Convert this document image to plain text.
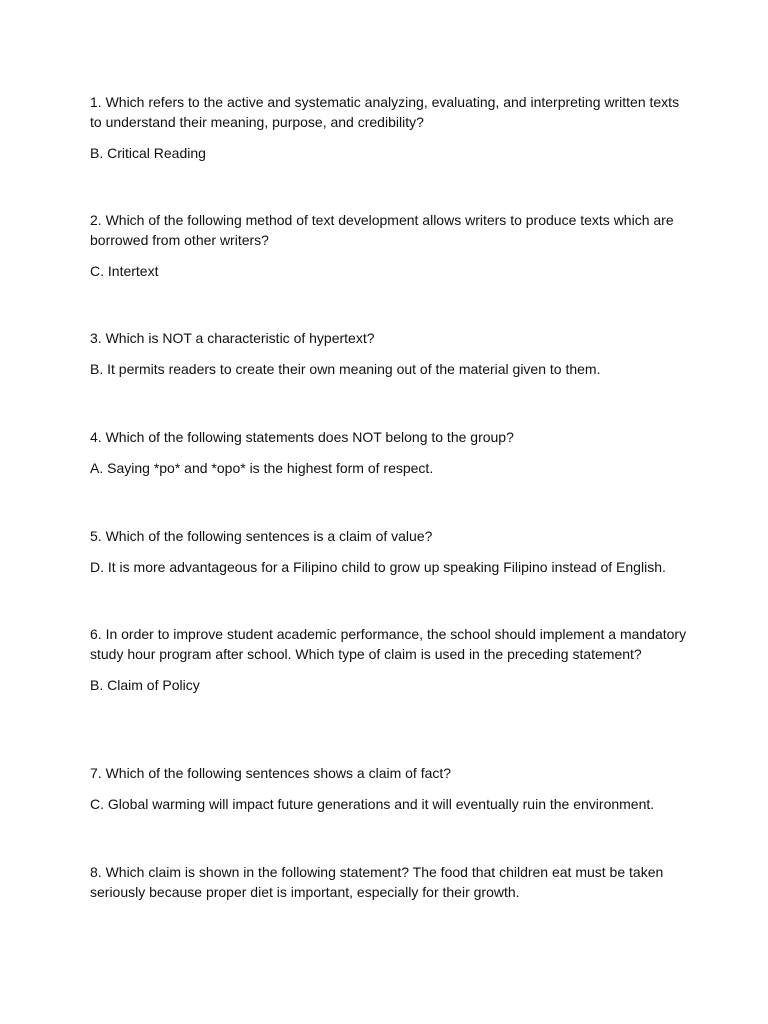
1. Which refers to the active and systematic analyzing, evaluating, and interpreting written texts to understand their meaning, purpose, and credibility?

B. Critical Reading

2. Which of the following method of text development allows writers to produce texts which are borrowed from other writers?

C. Intertext

3. Which is NOT a characteristic of hypertext?

B. It permits readers to create their own meaning out of the material given to them.

4. Which of the following statements does NOT belong to the group?

A. Saying *po* and *opo* is the highest form of respect.

5. Which of the following sentences is a claim of value?

D. It is more advantageous for a Filipino child to grow up speaking Filipino instead of English.

6. In order to improve student academic performance, the school should implement a mandatory study hour program after school. Which type of claim is used in the preceding statement?

B. Claim of Policy

7. Which of the following sentences shows a claim of fact?

C. Global warming will impact future generations and it will eventually ruin the environment.

8. Which claim is shown in the following statement? The food that children eat must be taken seriously because proper diet is important, especially for their growth.
